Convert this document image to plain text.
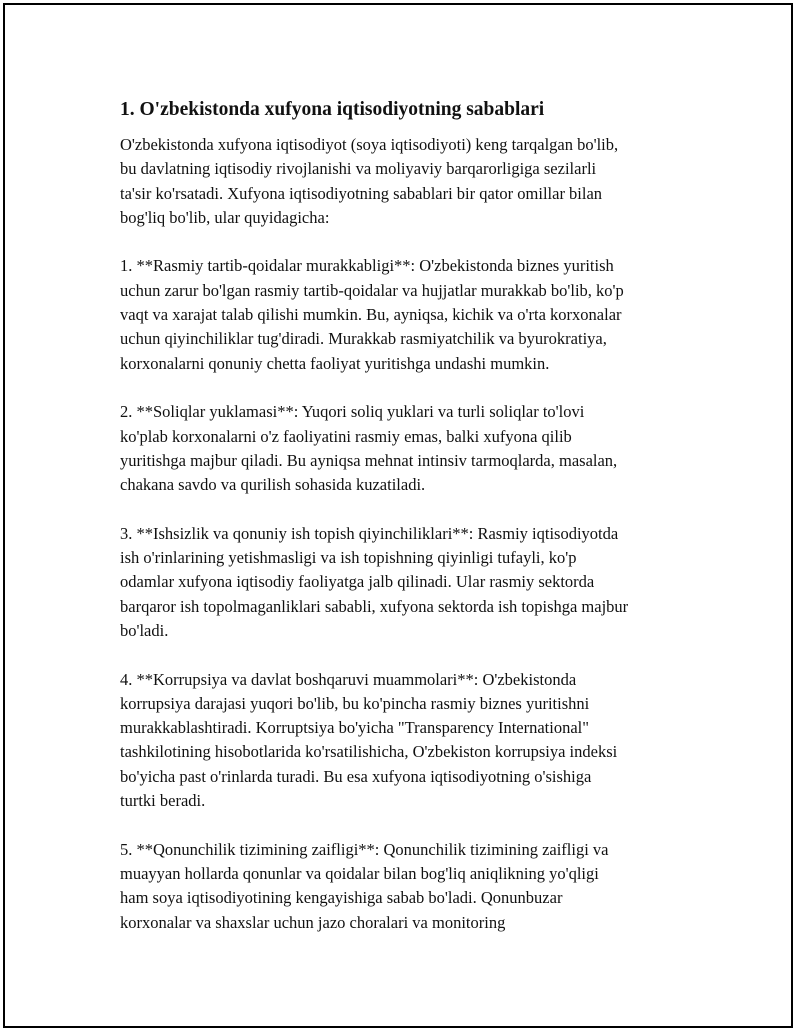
1. O'zbekistonda xufyona iqtisodiyotning sabablari
O'zbekistonda xufyona iqtisodiyot (soya iqtisodiyoti) keng tarqalgan bo'lib,
bu davlatning iqtisodiy rivojlanishi va moliyaviy barqarorligiga sezilarli
ta'sir ko'rsatadi. Xufyona iqtisodiyotning sabablari bir qator omillar bilan
bog'liq bo'lib, ular quyidagicha:
1. **Rasmiy tartib-qoidalar murakkabligi**: O'zbekistonda biznes yuritish
uchun zarur bo'lgan rasmiy tartib-qoidalar va hujjatlar murakkab bo'lib, ko'p
vaqt va xarajat talab qilishi mumkin. Bu, ayniqsa, kichik va o'rta korxonalar
uchun qiyinchiliklar tug'diradi. Murakkab rasmiyatchilik va byurokratiya,
korxonalarni qonuniy chetta faoliyat yuritishga undashi mumkin.
2. **Soliqlar yuklamasi**: Yuqori soliq yuklari va turli soliqlar to'lovi
ko'plab korxonalarni o'z faoliyatini rasmiy emas, balki xufyona qilib
yuritishga majbur qiladi. Bu ayniqsa mehnat intinsiv tarmoqlarda, masalan,
chakana savdo va qurilish sohasida kuzatiladi.
3. **Ishsizlik va qonuniy ish topish qiyinchiliklari**: Rasmiy iqtisodiyotda
ish o'rinlarining yetishmasligi va ish topishning qiyinligi tufayli, ko'p
odamlar xufyona iqtisodiy faoliyatga jalb qilinadi. Ular rasmiy sektorda
barqaror ish topolmaganliklari sababli, xufyona sektorda ish topishga majbur
bo'ladi.
4. **Korrupsiya va davlat boshqaruvi muammolari**: O'zbekistonda
korrupsiya darajasi yuqori bo'lib, bu ko'pincha rasmiy biznes yuritishni
murakkablashtiradi. Korruptsiya bo'yicha "Transparency International"
tashkilotining hisobotlarida ko'rsatilishicha, O'zbekiston korrupsiya indeksi
bo'yicha past o'rinlarda turadi. Bu esa xufyona iqtisodiyotning o'sishiga
turtki beradi.
5. **Qonunchilik tizimining zaifligi**: Qonunchilik tizimining zaifligi va
muayyan hollarda qonunlar va qoidalar bilan bog'liq aniqlikning yo'qligi
ham soya iqtisodiyotining kengayishiga sabab bo'ladi. Qonunbuzar
korxonalar va shaxslar uchun jazo choralari va monitoring
